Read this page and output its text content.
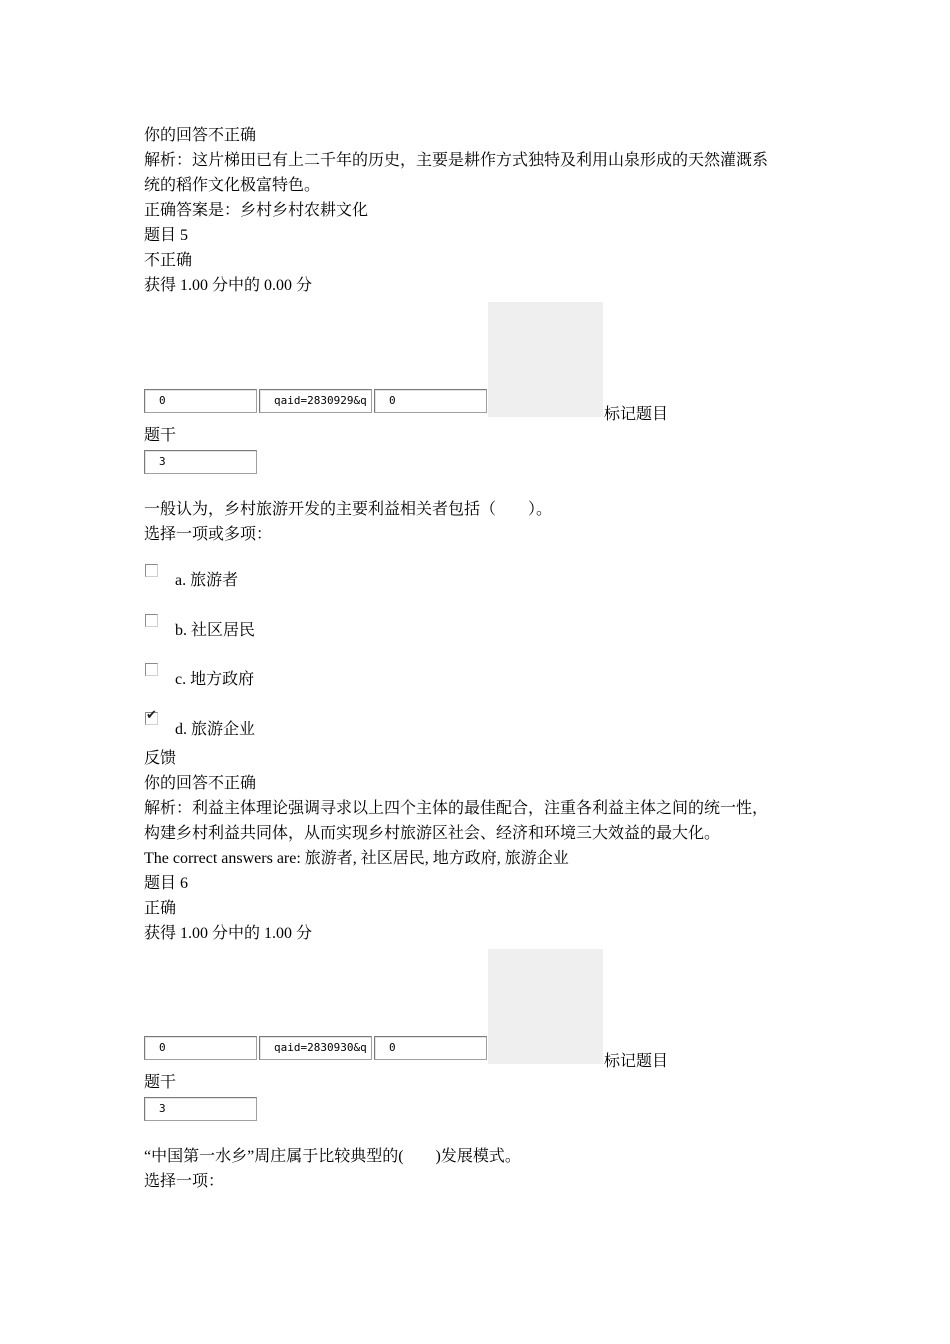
你的回答不正确
解析：这片梯田已有上二千年的历史，主要是耕作方式独特及利用山泉形成的天然灌溉系
统的稻作文化极富特色。
正确答案是：乡村乡村农耕文化
题目 5
不正确
获得 1.00 分中的 0.00 分
0	qaid=2830929&q	0
标记题目
题干
3
一般认为，乡村旅游开发的主要利益相关者包括（　　）。
选择一项或多项：
a. 旅游者
b. 社区居民
c. 地方政府
✔
d. 旅游企业
反馈
你的回答不正确
解析：利益主体理论强调寻求以上四个主体的最佳配合，注重各利益主体之间的统一性，
构建乡村利益共同体，从而实现乡村旅游区社会、经济和环境三大效益的最大化。
The correct answers are: 旅游者, 社区居民, 地方政府, 旅游企业
题目 6
正确
获得 1.00 分中的 1.00 分
0	qaid=2830930&q	0
标记题目
题干
3
“中国第一水乡”周庄属于比较典型的(　　)发展模式。
选择一项：
